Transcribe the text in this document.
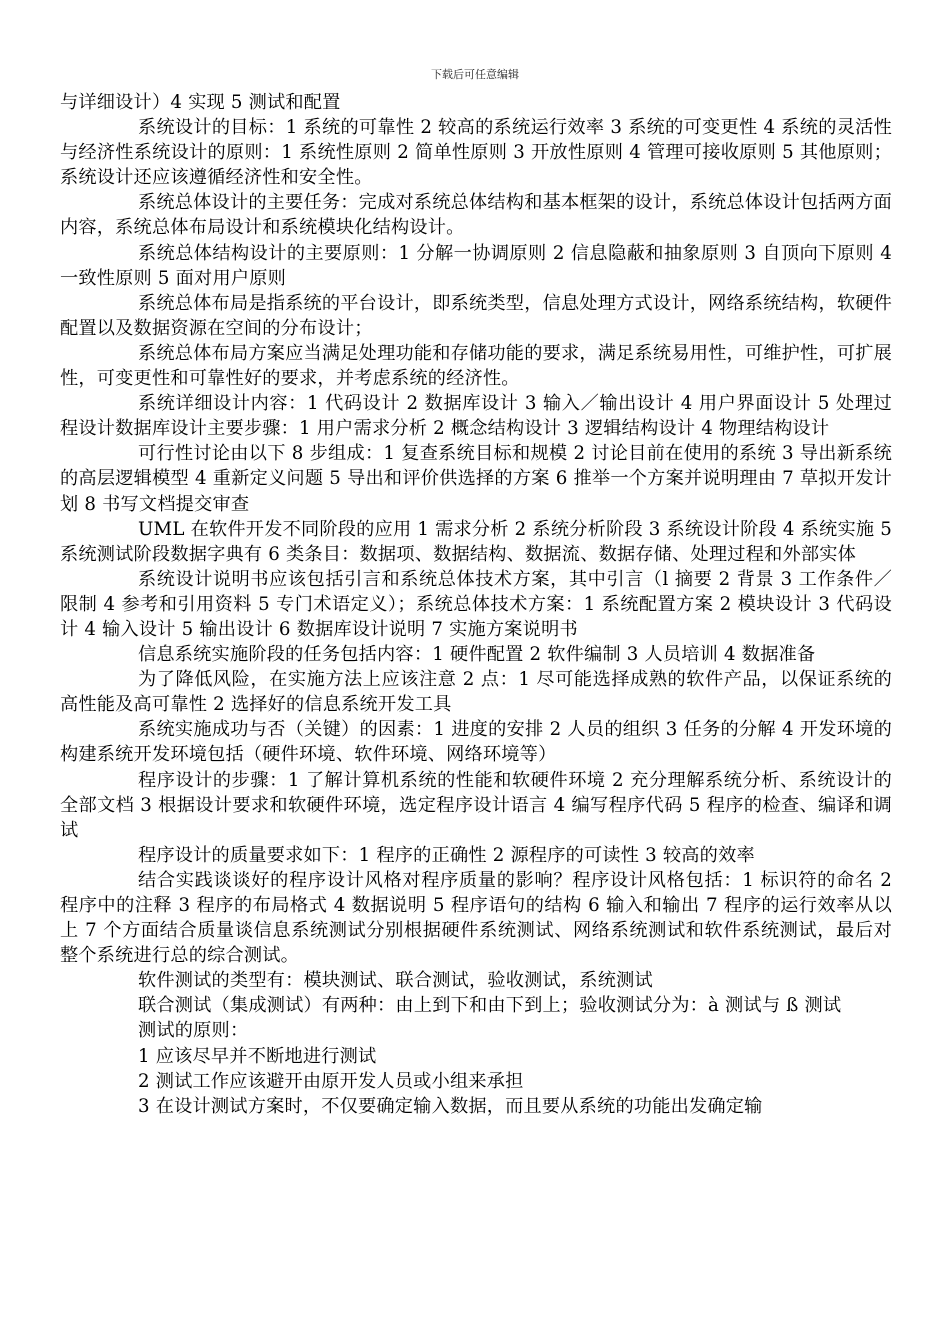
下载后可任意编辑

与详细设计）4 实现 5 测试和配置

系统设计的目标：1 系统的可靠性 2 较高的系统运行效率 3 系统的可变更性 4 系统的灵活性与经济性系统设计的原则：1 系统性原则 2 简单性原则 3 开放性原则 4 管理可接收原则 5 其他原则；系统设计还应该遵循经济性和安全性。

系统总体设计的主要任务：完成对系统总体结构和基本框架的设计，系统总体设计包括两方面内容，系统总体布局设计和系统模块化结构设计。

系统总体结构设计的主要原则：1 分解一协调原则 2 信息隐蔽和抽象原则 3 自顶向下原则 4 一致性原则 5 面对用户原则

系统总体布局是指系统的平台设计，即系统类型，信息处理方式设计，网络系统结构，软硬件配置以及数据资源在空间的分布设计；

系统总体布局方案应当满足处理功能和存储功能的要求，满足系统易用性，可维护性，可扩展性，可变更性和可靠性好的要求，并考虑系统的经济性。

系统详细设计内容：1 代码设计 2 数据库设计 3 输入／输出设计 4 用户界面设计 5 处理过程设计数据库设计主要步骤：1 用户需求分析 2 概念结构设计 3 逻辑结构设计 4 物理结构设计

可行性讨论由以下 8 步组成：1 复查系统目标和规模 2 讨论目前在使用的系统 3 导出新系统的高层逻辑模型 4 重新定义问题 5 导出和评价供选择的方案 6 推举一个方案并说明理由 7 草拟开发计划 8 书写文档提交审查

UML 在软件开发不同阶段的应用 1 需求分析 2 系统分析阶段 3 系统设计阶段 4 系统实施 5 系统测试阶段数据字典有 6 类条目：数据项、数据结构、数据流、数据存储、处理过程和外部实体

系统设计说明书应该包括引言和系统总体技术方案，其中引言（l 摘要 2 背景 3 工作条件／限制 4 参考和引用资料 5 专门术语定义）；系统总体技术方案：1 系统配置方案 2 模块设计 3 代码设计 4 输入设计 5 输出设计 6 数据库设计说明 7 实施方案说明书

信息系统实施阶段的任务包括内容：1 硬件配置 2 软件编制 3 人员培训 4 数据准备

为了降低风险，在实施方法上应该注意 2 点：1 尽可能选择成熟的软件产品，以保证系统的高性能及高可靠性 2 选择好的信息系统开发工具

系统实施成功与否（关键）的因素：1 进度的安排 2 人员的组织 3 任务的分解 4 开发环境的构建系统开发环境包括（硬件环境、软件环境、网络环境等）

程序设计的步骤：1 了解计算机系统的性能和软硬件环境 2 充分理解系统分析、系统设计的全部文档 3 根据设计要求和软硬件环境，选定程序设计语言 4 编写程序代码 5 程序的检查、编译和调试

程序设计的质量要求如下：1 程序的正确性 2 源程序的可读性 3 较高的效率

结合实践谈谈好的程序设计风格对程序质量的影响？程序设计风格包括：1 标识符的命名 2 程序中的注释 3 程序的布局格式 4 数据说明 5 程序语句的结构 6 输入和输出 7 程序的运行效率从以上 7 个方面结合质量谈信息系统测试分别根据硬件系统测试、网络系统测试和软件系统测试，最后对整个系统进行总的综合测试。

软件测试的类型有：模块测试、联合测试，验收测试，系统测试

联合测试（集成测试）有两种：由上到下和由下到上；验收测试分为：à 测试与 ß 测试

测试的原则：

1 应该尽早并不断地进行测试

2 测试工作应该避开由原开发人员或小组来承担

3 在设计测试方案时，不仅要确定输入数据，而且要从系统的功能出发确定输
